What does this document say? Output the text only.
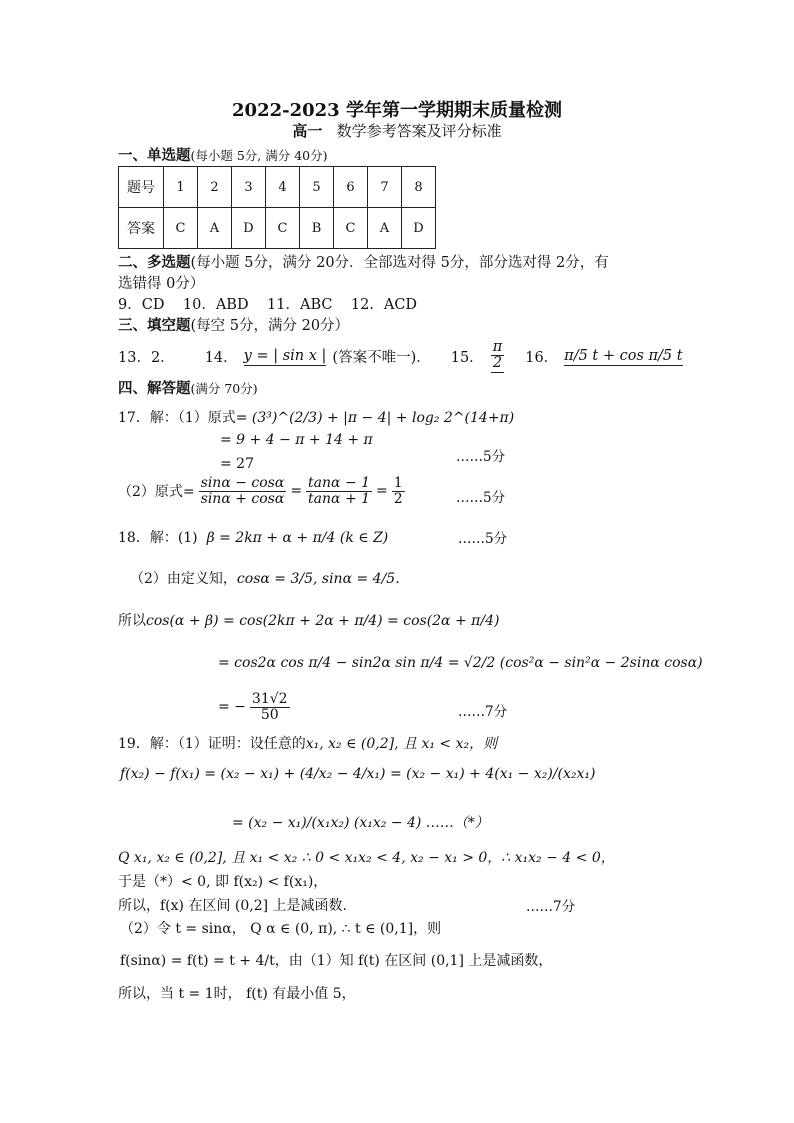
2022-2023 学年第一学期期末质量检测
高一 数学参考答案及评分标准
一、单选题(每小题 5分, 满分 40分)
题号	1	2	3	4	5	6	7	8
答案	C	A	D	C	B	C	A	D
二、多选题(每小题 5分，满分 20分．全部选对得 5分，部分选对得 2分，有
选错得 0分）
9．CD    10．ABD    11．ABC    12．ACD
三、填空题(每空 5分，满分 20分）
13．2． 14． y = | sin x | (答案不唯一)． 15． $\frac{\pi}{2} 16$． π/5 t + cos π/5 t
四、解答题(满分 70分)
17．解：（1）原式= (3³)^(2/3) + |π − 4| + log₂ 2^(14+π)
= 9 + 4 − π + 14 + π
= 27	……5分
（2）原式= $\frac{\sin\alpha - \cos\alpha}{\sin\alpha + \cos\alpha} = \frac{\tan\alpha - 1}{\tan\alpha + 1} = \frac{1}{2}$	……5分
18．解：(1) β = 2kπ + α + π/4 (k ∈ Z)	……5分
（2）由定义知，cosα = 3/5, sinα = 4/5.
所以cos(α + β) = cos(2kπ + 2α + π/4) = cos(2α + π/4)
= cos2α cos π/4 − sin2α sin π/4 = √2/2 (cos²α − sin²α − 2sinα cosα)
= − $\frac{31√2}{50}$	……7分
19．解：（1）证明：设任意的x₁, x₂ ∈ (0,2], 且 x₁ < x₂，则
f(x₂) − f(x₁) = (x₂ − x₁) + (4/x₂ − 4/x₁) = (x₂ − x₁) + 4(x₁ − x₂)/(x₂x₁)
= (x₂ − x₁)/(x₁x₂) (x₁x₂ − 4) ……（*）
Q x₁, x₂ ∈ (0,2], 且 x₁ < x₂ ∴ 0 < x₁x₂ < 4, x₂ − x₁ > 0，∴ x₁x₂ − 4 < 0，
于是（*）< 0, 即 f(x₂) < f(x₁)，
所以，f(x) 在区间 (0,2] 上是减函数.	……7分
（2）令 t = sinα， Q α ∈ (0, π), ∴ t ∈ (0,1]，则
f(sinα) = f(t) = t + 4/t，由（1）知 f(t) 在区间 (0,1] 上是减函数，
所以，当 t = 1时， f(t) 有最小值 5，
